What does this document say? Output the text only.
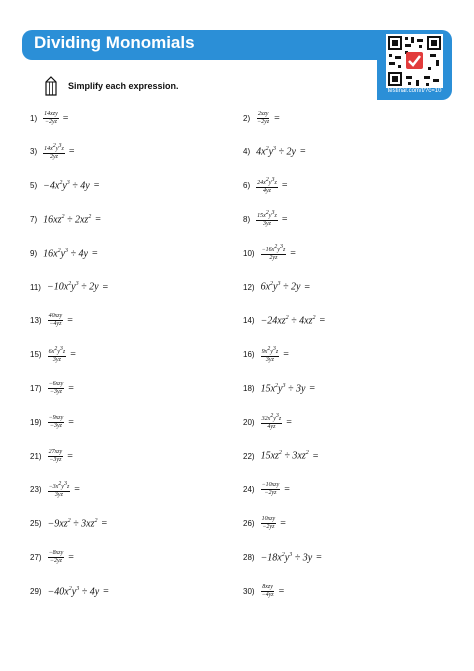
Dividing Monomials
testinar.com/t/?c=10
Simplify each expression.
$1) \frac{\text{14xzy}}{-2yz}$ =	$2) \frac{\text{2xzy}}{-2yz}$ =
$3) \frac{14x^2y^3z}{2yz}$ =	4) $4x^2y^3 \div 2y$ =
$5) -4x^2y^3 \div 4y$ =	$6) \frac{24x^2y^3z}{4yz}$ =
7) $16xz^2 \div 2xz^2$ =	$8) \frac{15x^2y^3z}{3yz}$ =
9) $16x^2y^3 \div 4y$ =	$10) \frac{-16x^2y^3z}{2yz}$ =
$11) -10x^2y^3 \div 2y$ =	12) $6x^2y^3 \div 2y$ =
$13) \frac{\text{40xzy}}{-4yz}$ =	$14) -24xz^2 \div 4xz^2$ =
$15) \frac{6x^2y^3z}{3yz}$ =	$16) \frac{9x^2y^3z}{3yz}$ =
$17) \frac{\text{−6xzy}}{-3yz}$ =	18) $15x^2y^3 \div 3y$ =
$19) \frac{\text{−9xzy}}{-3yz}$ =	$20) \frac{32x^2y^3z}{4yz}$ =
$21) \frac{\text{27xzy}}{-3yz}$ =	22) $15xz^2 \div 3xz^2$ =
$23) \frac{-3x^2y^3z}{3yz}$ =	$24) \frac{\text{−10xzy}}{-2yz}$ =
$25) -9xz^2 \div 3xz^2$ =	$26) \frac{\text{10xzy}}{-2yz}$ =
$27) \frac{\text{−8xzy}}{-2yz}$ =	$28) -18x^2y^3 \div 3y$ =
$29) -40x^2y^3 \div 4y$ =	$30) \frac{\text{8xzy}}{-4yz}$ =
